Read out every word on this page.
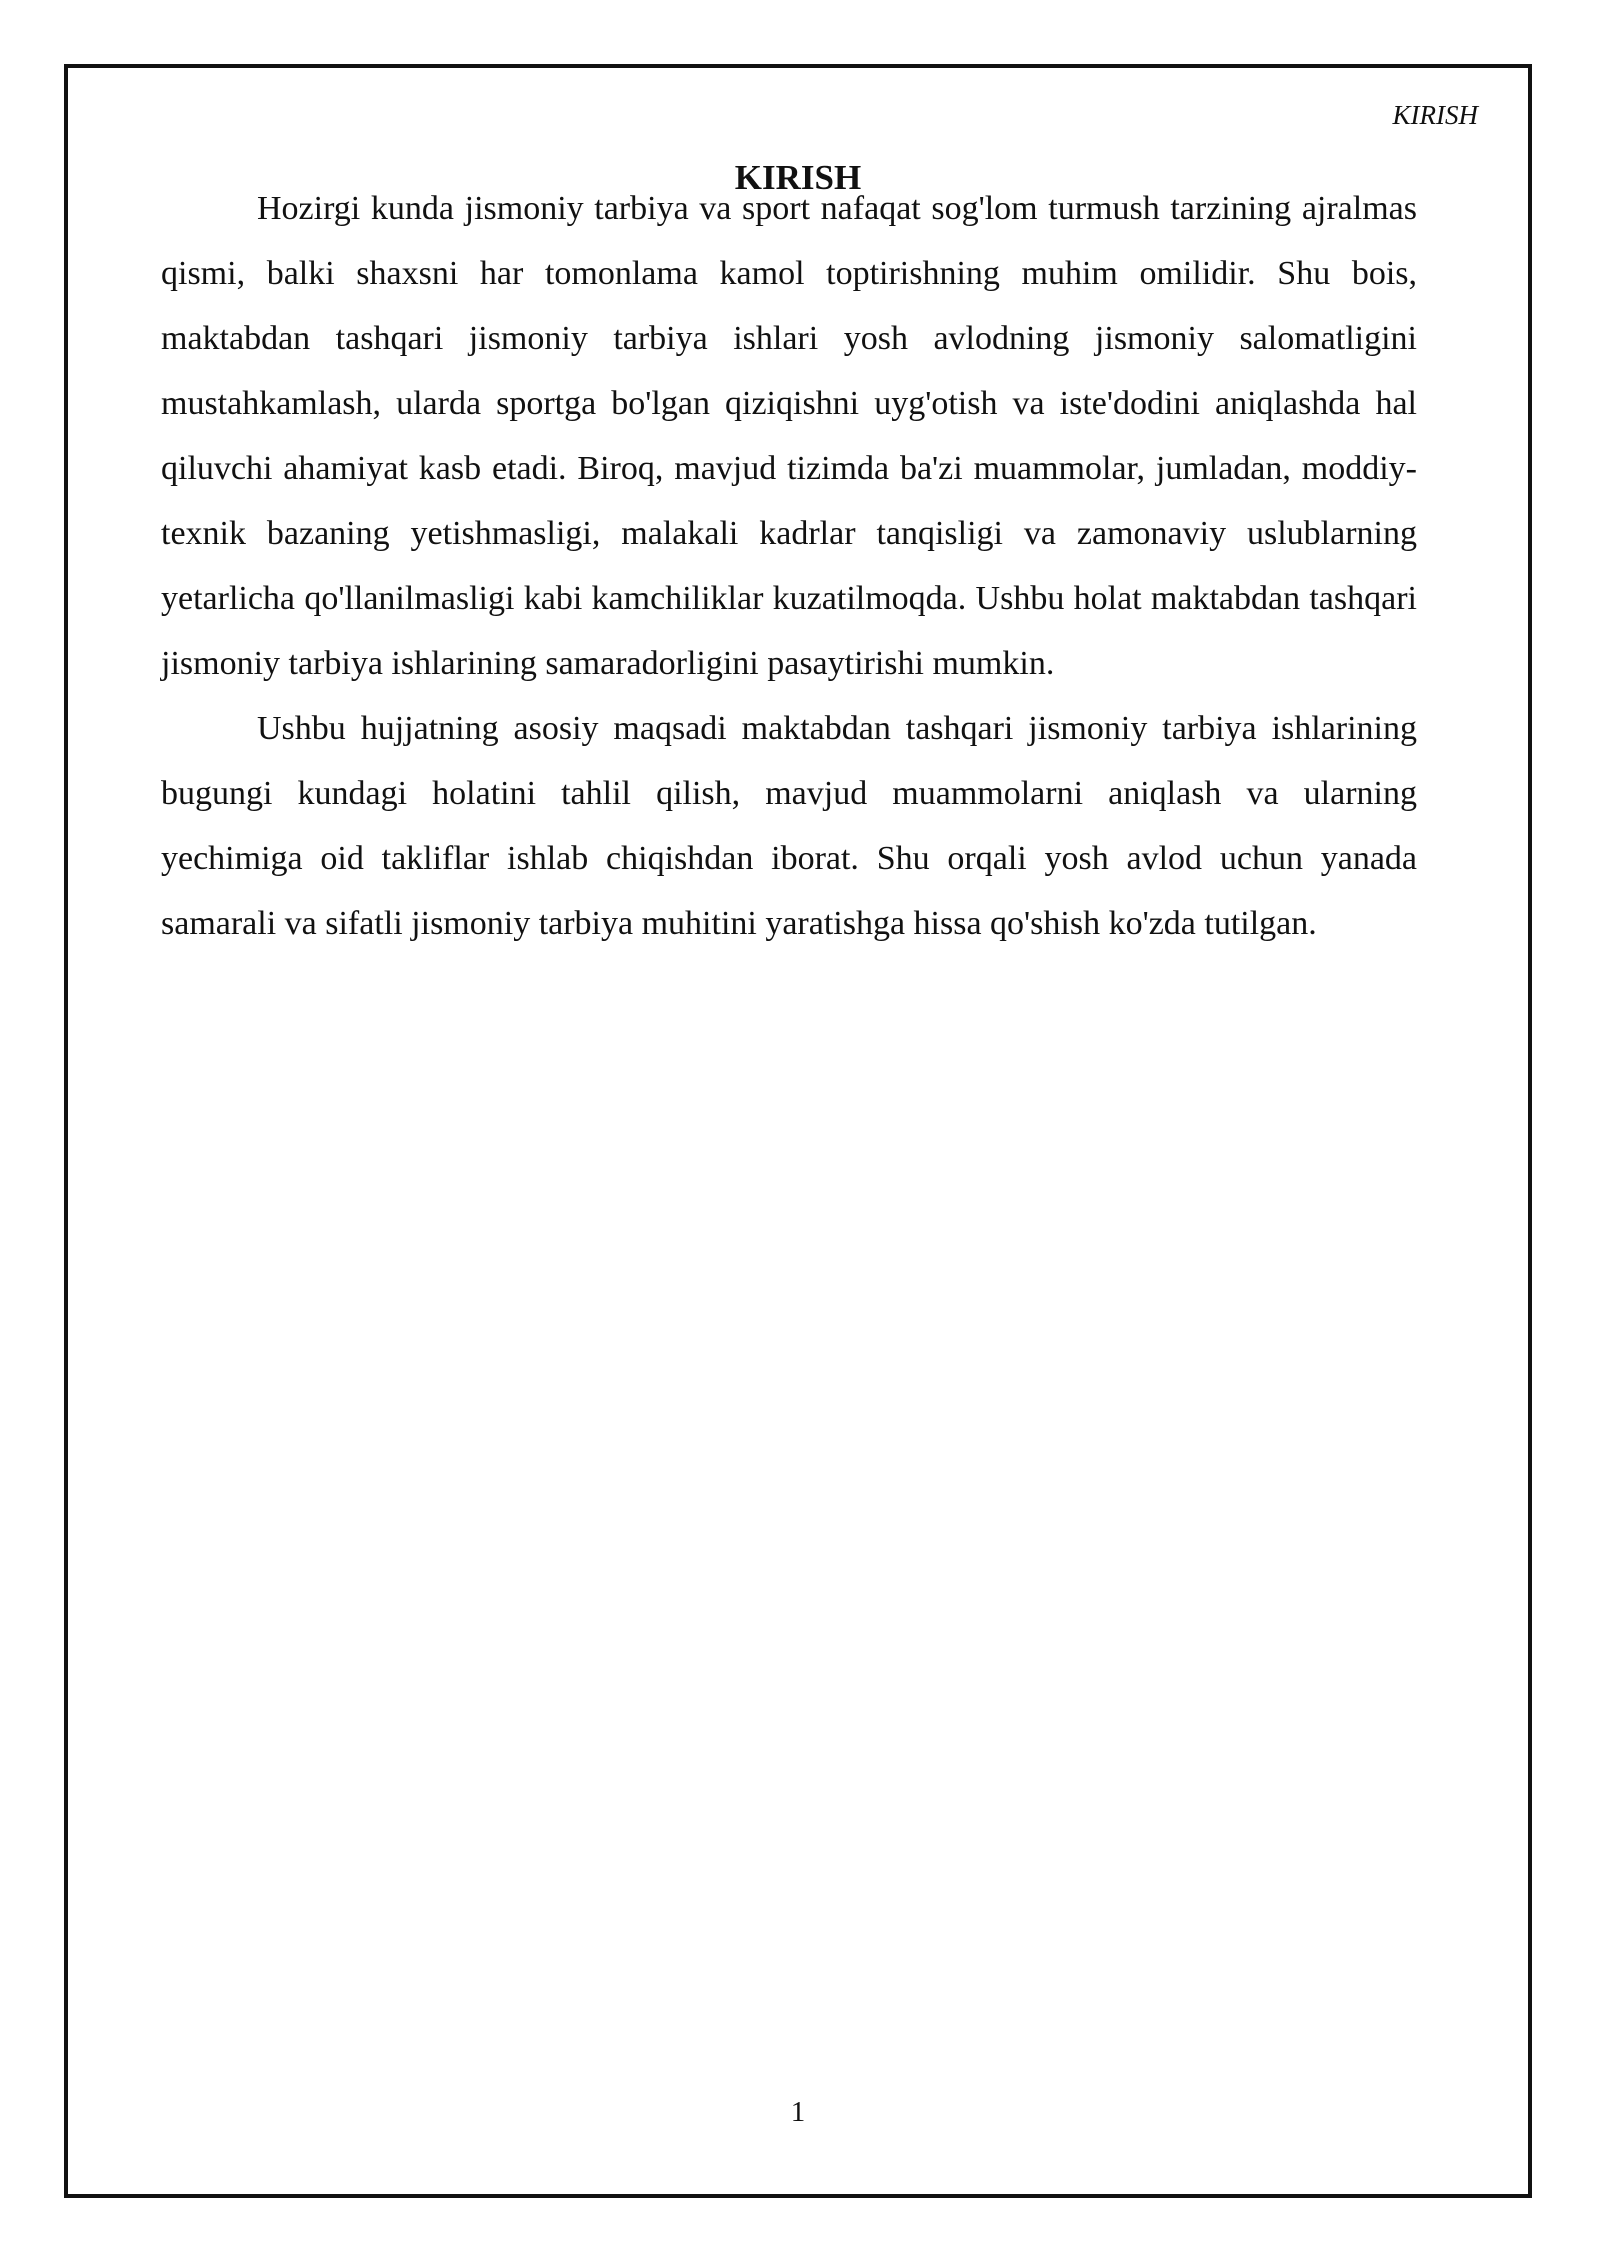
KIRISH
KIRISH

Hozirgi kunda jismoniy tarbiya va sport nafaqat sog'lom turmush tarzining ajralmas qismi, balki shaxsni har tomonlama kamol toptirishning muhim omilidir. Shu bois, maktabdan tashqari jismoniy tarbiya ishlari yosh avlodning jismoniy salomatligini mustahkamlash, ularda sportga bo'lgan qiziqishni uyg'otish va iste'dodini aniqlashda hal qiluvchi ahamiyat kasb etadi. Biroq, mavjud tizimda ba'zi muammolar, jumladan, moddiy-texnik bazaning yetishmasligi, malakali kadrlar tanqisligi va zamonaviy uslublarning yetarlicha qo'llanilmasligi kabi kamchiliklar kuzatilmoqda. Ushbu holat maktabdan tashqari jismoniy tarbiya ishlarining samaradorligini pasaytirishi mumkin.

Ushbu hujjatning asosiy maqsadi maktabdan tashqari jismoniy tarbiya ishlarining bugungi kundagi holatini tahlil qilish, mavjud muammolarni aniqlash va ularning yechimiga oid takliflar ishlab chiqishdan iborat. Shu orqali yosh avlod uchun yanada samarali va sifatli jismoniy tarbiya muhitini yaratishga hissa qo'shish ko'zda tutilgan.

1
